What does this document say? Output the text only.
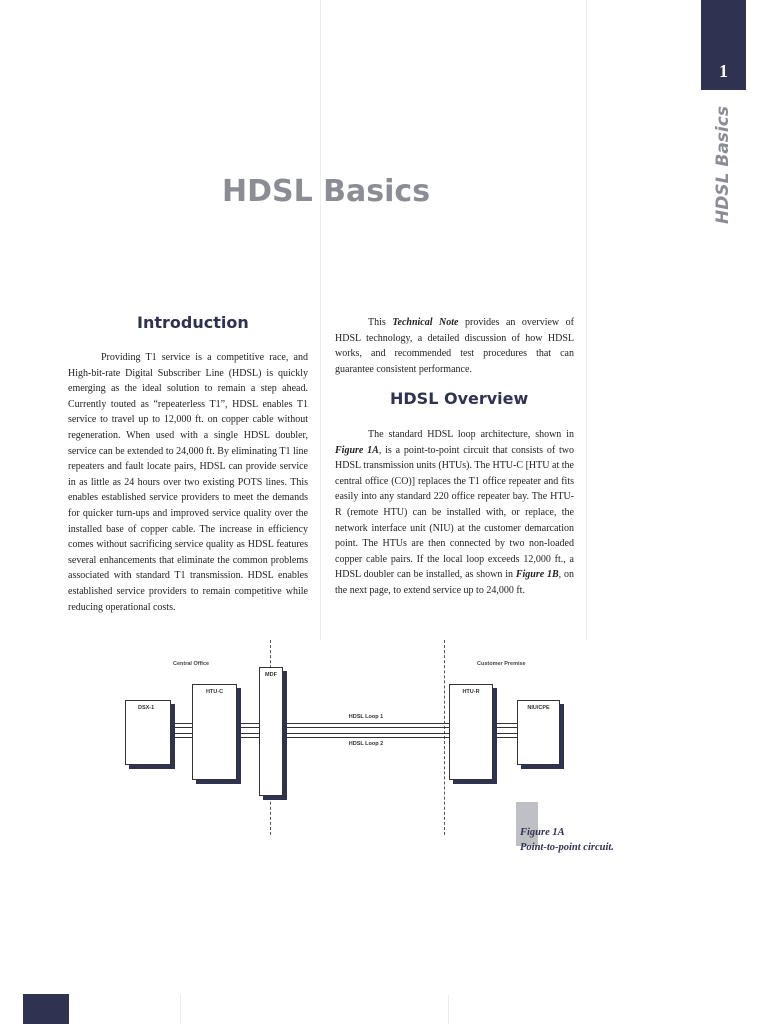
1
HDSL Basics
HDSL Basics
Introduction

Providing T1 service is a competitive race, and High-bit-rate Digital Subscriber Line (HDSL) is quickly emerging as the ideal solution to remain a step ahead. Currently touted as “repeaterless T1”, HDSL enables T1 service to travel up to 12,000 ft. on copper cable without regeneration. When used with a single HDSL doubler, service can be extended to 24,000 ft. By eliminating T1 line repeaters and fault locate pairs, HDSL can provide service in as little as 24 hours over two existing POTS lines. This enables established service providers to meet the demands for quicker turn-ups and improved service quality over the installed base of copper cable. The increase in efficiency comes without sacrificing service quality as HDSL features several enhancements that eliminate the common problems associated with standard T1 transmission. HDSL enables established service providers to remain competitive while reducing operational costs.

This Technical Note provides an overview of HDSL technology, a detailed discussion of how HDSL works, and recommended test procedures that can guarantee consistent performance.

HDSL Overview

The standard HDSL loop architecture, shown in Figure 1A, is a point-to-point circuit that consists of two HDSL transmission units (HTUs). The HTU-C [HTU at the central office (CO)] replaces the T1 office repeater and fits easily into any standard 220 office repeater bay. The HTU-R (remote HTU) can be installed with, or replace, the network interface unit (NIU) at the customer demarcation point. The HTUs are then connected by two non-loaded copper cable pairs. If the local loop exceeds 12,000 ft., a HDSL doubler can be installed, as shown in Figure 1B, on the next page, to extend service up to 24,000 ft.

Central Office	Customer Premise
HDSL Loop 1
HDSL Loop 2
DSX-1
HTU-C
MDF
HTU-R
NIU/CPE
Figure 1A
Point-to-point circuit.
